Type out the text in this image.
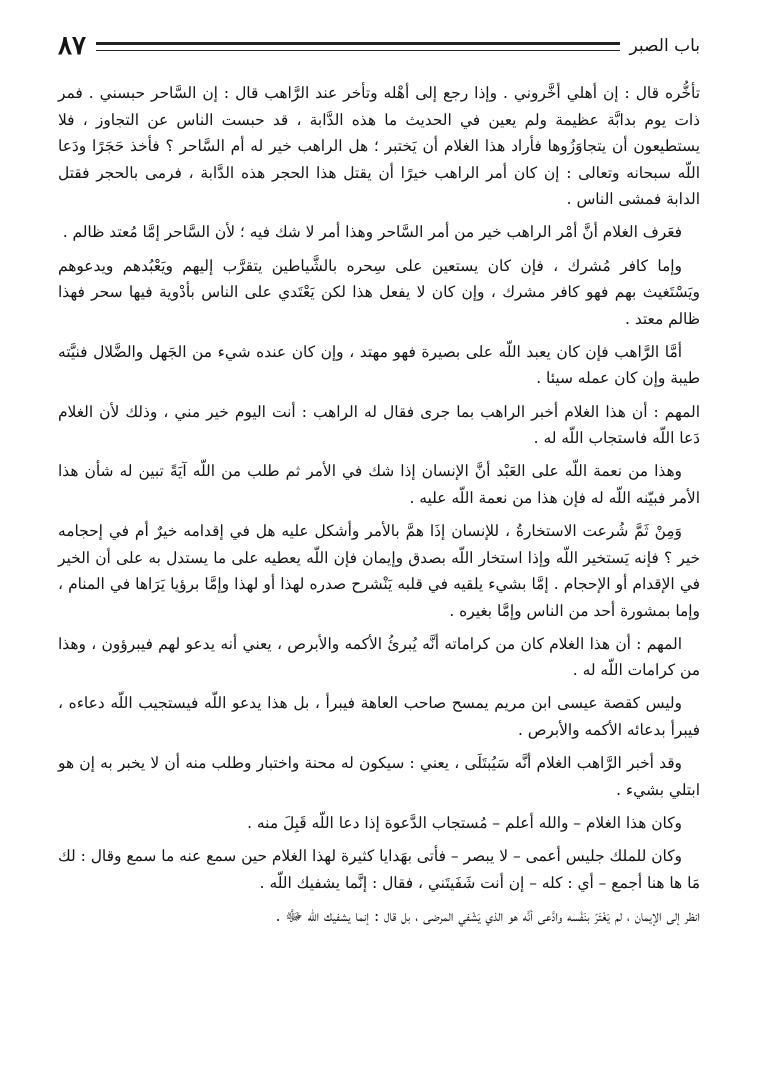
باب الصبر
٨٧

تأخُّره قال : إن أهلي أخَّروني . وإذا رجع إلى أهْله وتأخر عند الرَّاهب قال : إن السَّاحر حبسني . فمر ذات يوم بدابَّة عظيمة ولم يعين في الحديث ما هذه الدَّابة ، قد حبست الناس عن التجاوز ، فلا يستطيعون أن يتجاوَزُوها فأراد هذا الغلام أن يَختبر ؛ هل الراهب خير له أم السَّاحر ؟ فأخذ حَجَرًا ودَعا اللّه سبحانه وتعالى : إن كان أمر الراهب خيرًا أن يقتل هذا الحجر هذه الدَّابة ، فرمى بالحجر فقتل الدابة فمشى الناس .

فعَرف الغلام أنَّ أمْر الراهب خير من أمر السَّاحر وهذا أمر لا شك فيه ؛ لأن السَّاحر إمَّا مُعتد ظالم .

وإما كافر مُشرك ، فإن كان يستعين على سِحره بالشَّياطين يتقرَّب إليهم ويَعْبُدهم ويدعوهم ويَسْتَغيث بهم فهو كافر مشرك ، وإن كان لا يفعل هذا لكن يَعْتَدي على الناس بأدْوية فيها سحر فهذا ظالم معتد .

أمَّا الرَّاهب فإن كان يعبد اللّه على بصيرة فهو مهتد ، وإن كان عنده شيء من الجَهل والضَّلال فنيَّته طيبة وإن كان عمله سيئا .

المهم : أن هذا الغلام أخبر الراهب بما جرى فقال له الراهب : أنت اليوم خير مني ، وذلك لأن الغلام دَعا اللّه فاستجاب اللّه له .

وهذا من نعمة اللّه على العَبْد أنَّ الإنسان إذا شك في الأمر ثم طلب من اللّه آيَةً تبين له شأن هذا الأمر فبيّنه اللّه له فإن هذا من نعمة اللّه عليه .

وَمِنْ ثَمَّ شُرعت الاستخارةُ ، للإنسان إذَا همَّ بالأمر وأشكل عليه هل في إقدامه خيرٌ أم في إحجامه خير ؟ فإنه يَستخير اللّه وإذا استخار اللّه بصدق وإيمان فإن اللّه يعطيه على ما يستدل به على أن الخير في الإقدام أو الإحجام . إمَّا بشيء يلقيه في قلبه يَنْشرح صدره لهذا أو لهذا وإمَّا برؤيا يَرَاها في المنام ، وإما بمشورة أحد من الناس وإمَّا بغيره .

المهم : أن هذا الغلام كان من كراماته أنَّه يُبرئُ الأكمه والأبرص ، يعني أنه يدعو لهم فيبرؤون ، وهذا من كرامات اللّه له .

وليس كقصة عيسى ابن مريم يمسح صاحب العاهة فيبرأ ، بل هذا يدعو اللّه فيستجيب اللّه دعاءه ، فيبرأ بدعائه الأكمه والأبرص .

وقد أخبر الرَّاهب الغلام أنَّه سَيُبتَلَى ، يعني : سيكون له محنة واختبار وطلب منه أن لا يخبر به إن هو ابتلي بشيء .

وكان هذا الغلام – والله أعلم – مُستجاب الدَّعوة إذا دعا اللّه قَبِلَ منه .

وكان للملك جليس أعمى – لا يبصر – فأتى بهَدايا كثيرة لهذا الغلام حين سمع عنه ما سمع وقال : لك مَا ها هنا أجمع – أي : كله – إن أنت شَفَيتَني ، فقال : إنَّما يشفيك اللّه .

انظر إلى الإيمان ، لم يَغْتَرّ بنَفْسه وادَّعى أنَّه هو الذي يَشْفي المرضى ، بل قال : إنما يشفيك اللّه ﷻ .
